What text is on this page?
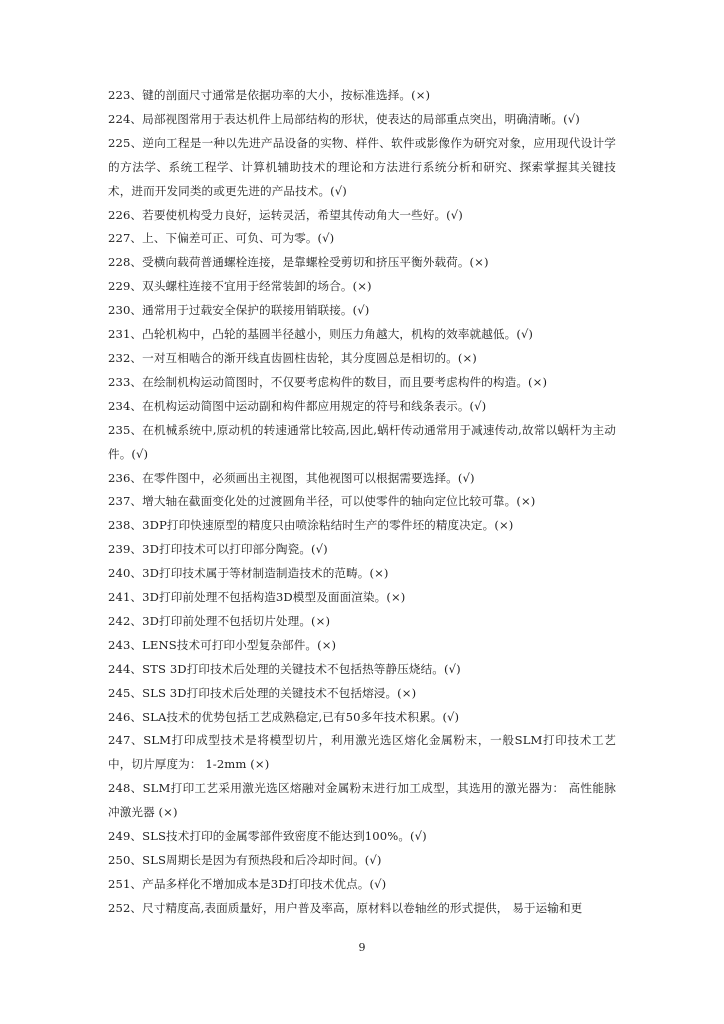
223、键的剖面尺寸通常是依据功率的大小，按标准选择。(×)

224、局部视图常用于表达机件上局部结构的形状，使表达的局部重点突出，明确清晰。(√)

225、逆向工程是一种以先进产品设备的实物、样件、软件或影像作为研究对象，应用现代设计学的方法学、系统工程学、计算机辅助技术的理论和方法进行系统分析和研究、探索掌握其关键技术，进而开发同类的或更先进的产品技术。(√)

226、若要使机构受力良好，运转灵活，希望其传动角大一些好。(√)

227、上、下偏差可正、可负、可为零。(√)

228、受横向载荷普通螺栓连接，是靠螺栓受剪切和挤压平衡外载荷。(×)

229、双头螺柱连接不宜用于经常装卸的场合。(×)

230、通常用于过载安全保护的联接用销联接。(√)

231、凸轮机构中，凸轮的基圆半径越小，则压力角越大，机构的效率就越低。(√)

232、一对互相啮合的渐开线直齿圆柱齿轮，其分度圆总是相切的。(×)

233、在绘制机构运动简图时，不仅要考虑构件的数目，而且要考虑构件的构造。(×)

234、在机构运动简图中运动副和构件都应用规定的符号和线条表示。(√)

235、在机械系统中,原动机的转速通常比较高,因此,蜗杆传动通常用于减速传动,故常以蜗杆为主动件。(√)

236、在零件图中，必须画出主视图，其他视图可以根据需要选择。(√)

237、增大轴在截面变化处的过渡圆角半径，可以使零件的轴向定位比较可靠。(×)

238、3DP打印快速原型的精度只由喷涂粘结时生产的零件坯的精度决定。(×)

239、3D打印技术可以打印部分陶瓷。(√)

240、3D打印技术属于等材制造制造技术的范畴。(×)

241、3D打印前处理不包括构造3D模型及面面渲染。(×)

242、3D打印前处理不包括切片处理。(×)

243、LENS技术可打印小型复杂部件。(×)

244、STS 3D打印技术后处理的关键技术不包括热等静压烧结。(√)

245、SLS 3D打印技术后处理的关键技术不包括熔浸。(×)

246、SLA技术的优势包括工艺成熟稳定,已有50多年技术积累。(√)

247、SLM打印成型技术是将模型切片，利用激光选区熔化金属粉末，一般SLM打印技术工艺中，切片厚度为： 1-2mm (×)

248、SLM打印工艺采用激光选区熔融对金属粉末进行加工成型，其选用的激光器为： 高性能脉冲激光器 (×)

249、SLS技术打印的金属零部件致密度不能达到100%。(√)

250、SLS周期长是因为有预热段和后冷却时间。(√)

251、产品多样化不增加成本是3D打印技术优点。(√)

252、尺寸精度高,表面质量好，用户普及率高，原材料以卷轴丝的形式提供， 易于运输和更

9
